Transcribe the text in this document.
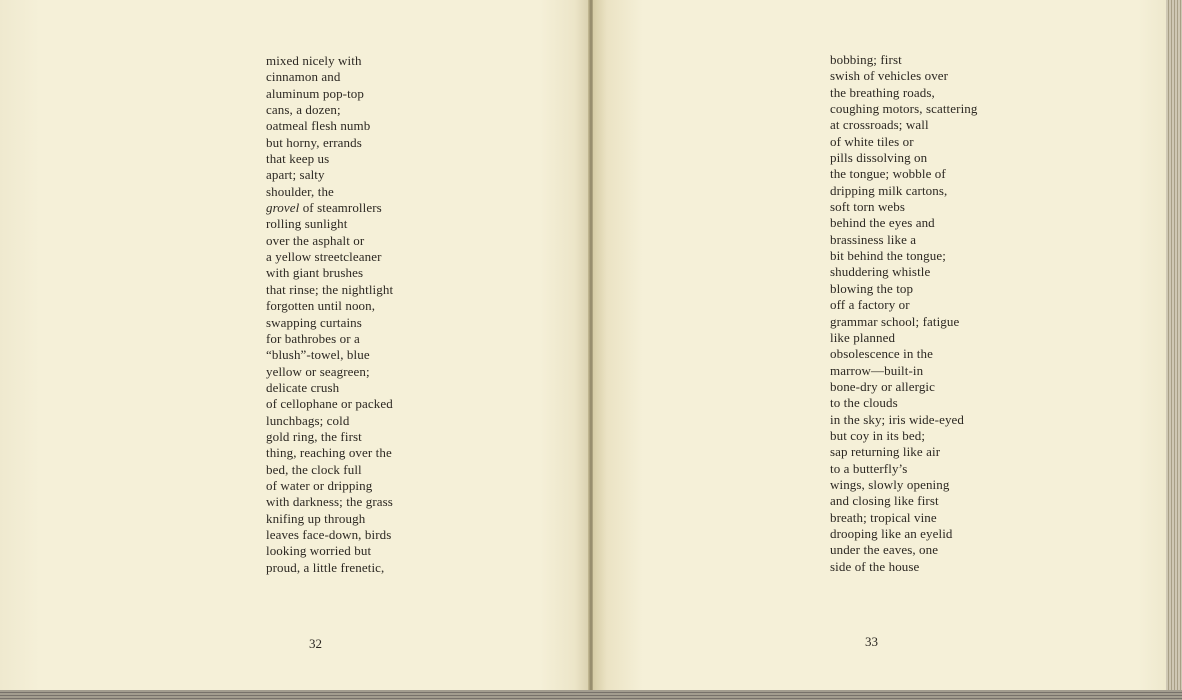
mixed nicely with
cinnamon and
aluminum pop-top
cans, a dozen;
oatmeal flesh numb
but horny, errands
that keep us
apart; salty
shoulder, the
grovel of steamrollers
rolling sunlight
over the asphalt or
a yellow streetcleaner
with giant brushes
that rinse; the nightlight
forgotten until noon,
swapping curtains
for bathrobes or a
“blush”-towel, blue
yellow or seagreen;
delicate crush
of cellophane or packed
lunchbags; cold
gold ring, the first
thing, reaching over the
bed, the clock full
of water or dripping
with darkness; the grass
knifing up through
leaves face-down, birds
looking worried but
proud, a little frenetic,
32
bobbing; first
swish of vehicles over
the breathing roads,
coughing motors, scattering
at crossroads; wall
of white tiles or
pills dissolving on
the tongue; wobble of
dripping milk cartons,
soft torn webs
behind the eyes and
brassiness like a
bit behind the tongue;
shuddering whistle
blowing the top
off a factory or
grammar school; fatigue
like planned
obsolescence in the
marrow—built-in
bone-dry or allergic
to the clouds
in the sky; iris wide-eyed
but coy in its bed;
sap returning like air
to a butterfly’s
wings, slowly opening
and closing like first
breath; tropical vine
drooping like an eyelid
under the eaves, one
side of the house
33
